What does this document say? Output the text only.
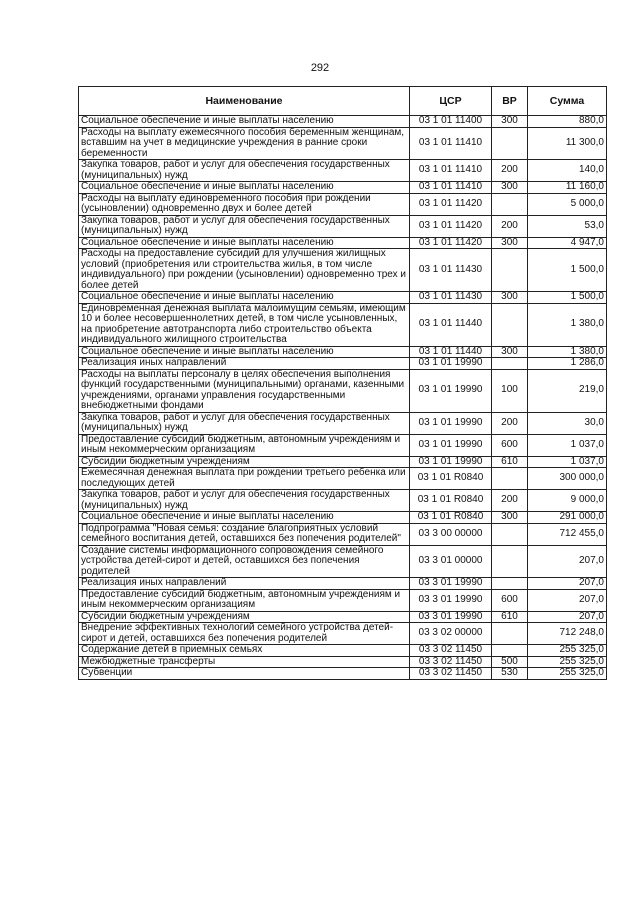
292
Наименование	ЦСР	ВР	Сумма
Социальное обеспечение и иные выплаты населению	03 1 01 11400	300	880,0
Расходы на выплату ежемесячного пособия беременным женщинам, вставшим на учет в медицинские учреждения в ранние сроки беременности	03 1 01 11410		11 300,0
Закупка товаров, работ и услуг для обеспечения государственных (муниципальных) нужд	03 1 01 11410	200	140,0
Социальное обеспечение и иные выплаты населению	03 1 01 11410	300	11 160,0
Расходы на выплату единовременного пособия при рождении (усыновлении) одновременно двух и более детей	03 1 01 11420		5 000,0
Закупка товаров, работ и услуг для обеспечения государственных (муниципальных) нужд	03 1 01 11420	200	53,0
Социальное обеспечение и иные выплаты населению	03 1 01 11420	300	4 947,0
Расходы на предоставление субсидий для улучшения жилищных условий (приобретения или строительства жилья, в том числе индивидуального) при рождении (усыновлении) одновременно трех и более детей	03 1 01 11430		1 500,0
Социальное обеспечение и иные выплаты населению	03 1 01 11430	300	1 500,0
Единовременная денежная выплата малоимущим семьям, имеющим 10 и более несовершеннолетних детей, в том числе усыновленных, на приобретение автотранспорта либо строительство объекта индивидуального жилищного строительства	03 1 01 11440		1 380,0
Социальное обеспечение и иные выплаты населению	03 1 01 11440	300	1 380,0
Реализация иных направлений	03 1 01 19990		1 286,0
Расходы на выплаты персоналу в целях обеспечения выполнения функций государственными (муниципальными) органами, казенными учреждениями, органами управления государственными внебюджетными фондами	03 1 01 19990	100	219,0
Закупка товаров, работ и услуг для обеспечения государственных (муниципальных) нужд	03 1 01 19990	200	30,0
Предоставление субсидий бюджетным, автономным учреждениям и иным некоммерческим организациям	03 1 01 19990	600	1 037,0
Субсидии бюджетным учреждениям	03 1 01 19990	610	1 037,0
Ежемесячная денежная выплата при рождении третьего ребенка или последующих детей	03 1 01 R0840		300 000,0
Закупка товаров, работ и услуг для обеспечения государственных (муниципальных) нужд	03 1 01 R0840	200	9 000,0
Социальное обеспечение и иные выплаты населению	03 1 01 R0840	300	291 000,0
Подпрограмма "Новая семья: создание благоприятных условий семейного воспитания детей, оставшихся без попечения родителей"	03 3 00 00000		712 455,0
Создание системы информационного сопровождения семейного устройства детей-сирот и детей, оставшихся без попечения родителей	03 3 01 00000		207,0
Реализация иных направлений	03 3 01 19990		207,0
Предоставление субсидий бюджетным, автономным учреждениям и иным некоммерческим организациям	03 3 01 19990	600	207,0
Субсидии бюджетным учреждениям	03 3 01 19990	610	207,0
Внедрение эффективных технологий семейного устройства детей-сирот и детей, оставшихся без попечения родителей	03 3 02 00000		712 248,0
Содержание детей в приемных семьях	03 3 02 11450		255 325,0
Межбюджетные трансферты	03 3 02 11450	500	255 325,0
Субвенции	03 3 02 11450	530	255 325,0
